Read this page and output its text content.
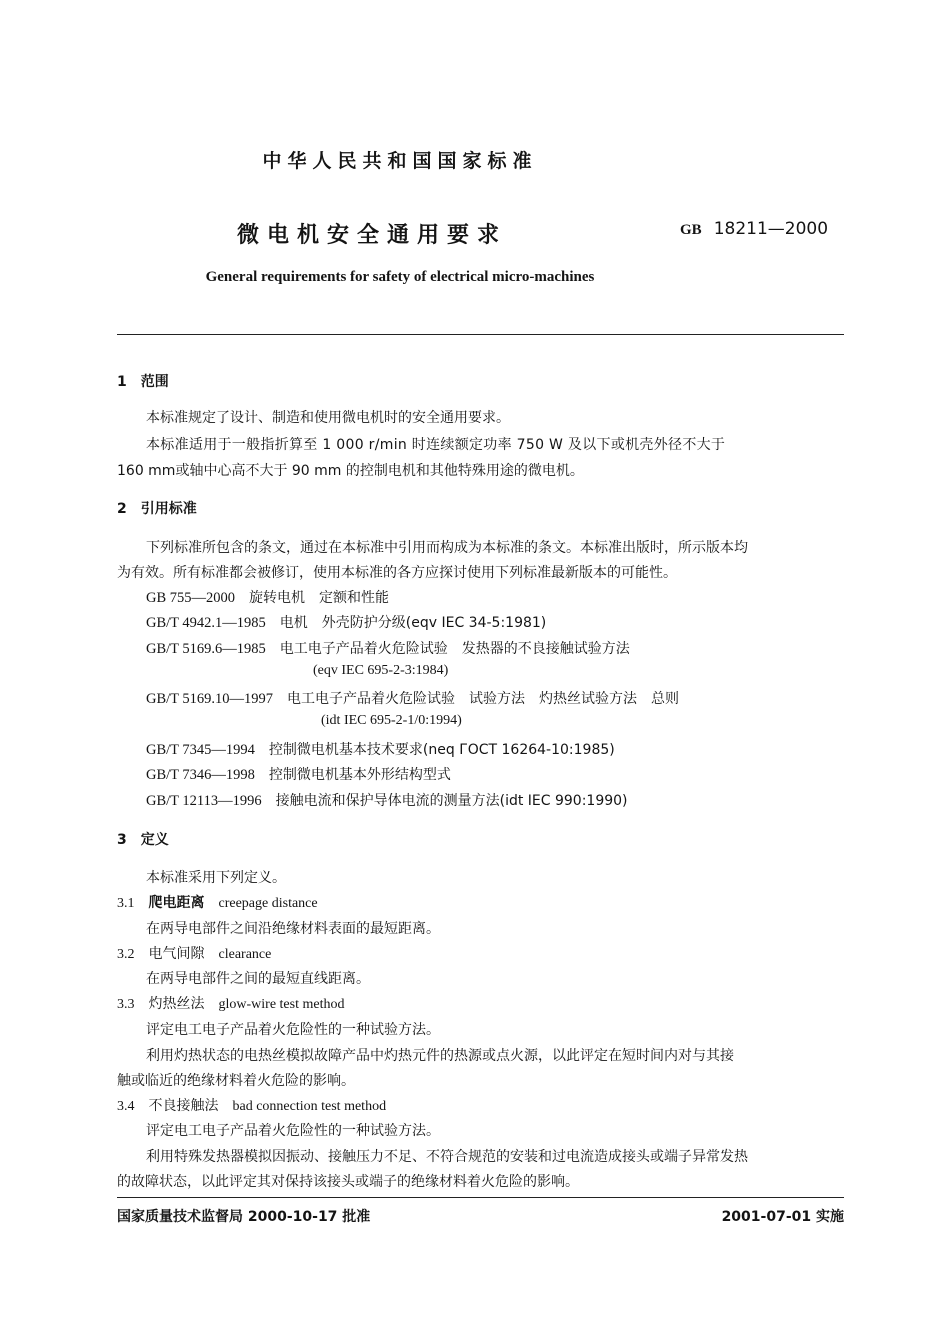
中华人民共和国国家标准
微电机安全通用要求	GB 18211—2000
General requirements for safety of electrical micro-machines
1 范围
本标准规定了设计、制造和使用微电机时的安全通用要求。
本标准适用于一般指折算至 1 000 r/min 时连续额定功率 750 W 及以下或机壳外径不大于
160 mm或轴中心高不大于 90 mm 的控制电机和其他特殊用途的微电机。
2 引用标准
下列标准所包含的条文，通过在本标准中引用而构成为本标准的条文。本标准出版时，所示版本均
为有效。所有标准都会被修订，使用本标准的各方应探讨使用下列标准最新版本的可能性。
GB 755—2000 旋转电机　定额和性能
GB/T 4942.1—1985 电机　外壳防护分级(eqv IEC 34-5:1981)
GB/T 5169.6—1985 电工电子产品着火危险试验　发热器的不良接触试验方法
(eqv IEC 695-2-3:1984)
GB/T 5169.10—1997 电工电子产品着火危险试验　试验方法　灼热丝试验方法　总则
(idt IEC 695-2-1/0:1994)
GB/T 7345—1994 控制微电机基本技术要求(neq ГОСТ 16264-10:1985)
GB/T 7346—1998 控制微电机基本外形结构型式
GB/T 12113—1996 接触电流和保护导体电流的测量方法(idt IEC 990:1990)
3 定义
本标准采用下列定义。
3.1 爬电距离 creepage distance
在两导电部件之间沿绝缘材料表面的最短距离。
3.2 电气间隙 clearance
在两导电部件之间的最短直线距离。
3.3 灼热丝法 glow-wire test method
评定电工电子产品着火危险性的一种试验方法。
利用灼热状态的电热丝模拟故障产品中灼热元件的热源或点火源，以此评定在短时间内对与其接
触或临近的绝缘材料着火危险的影响。
3.4 不良接触法 bad connection test method
评定电工电子产品着火危险性的一种试验方法。
利用特殊发热器模拟因振动、接触压力不足、不符合规范的安装和过电流造成接头或端子异常发热
的故障状态，以此评定其对保持该接头或端子的绝缘材料着火危险的影响。
国家质量技术监督局 2000-10-17 批准	2001-07-01 实施
